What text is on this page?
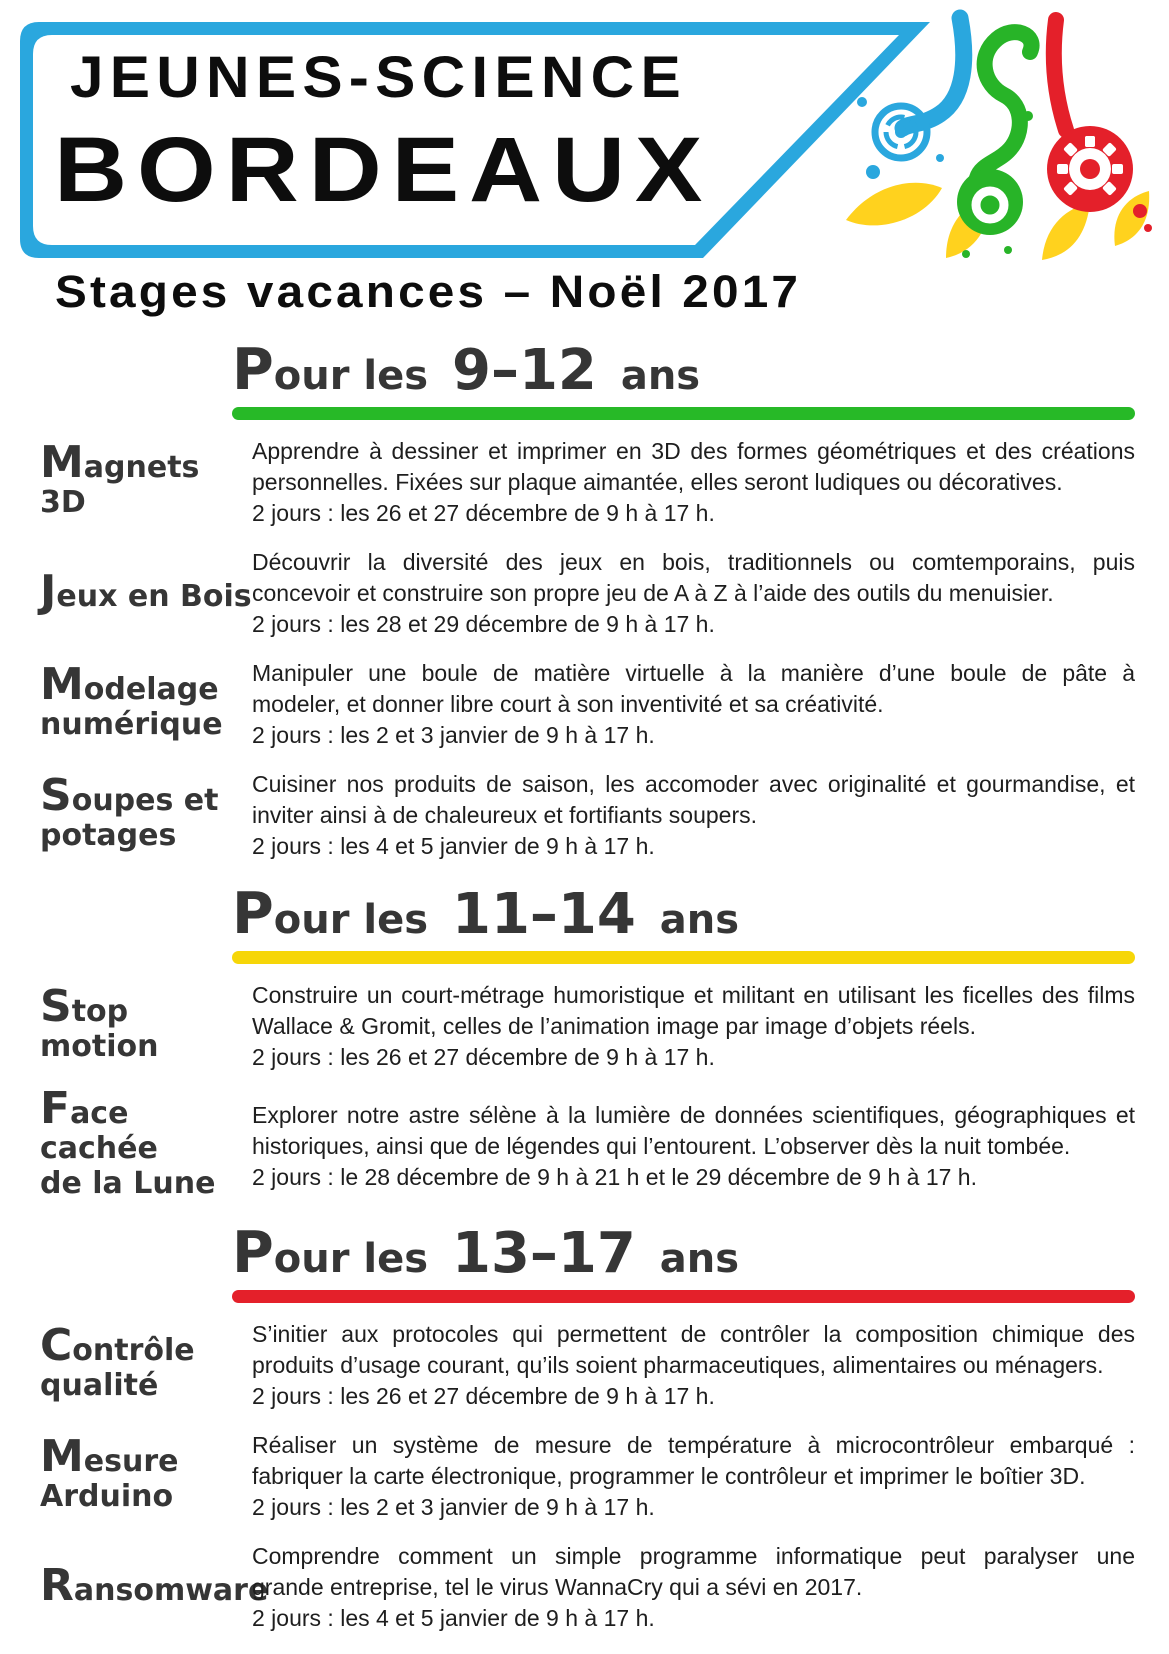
JEUNES-SCIENCE
BORDEAUX
Stages vacances – Noël 2017
Pour les 9–12 ans
Magnets 3D
Apprendre à dessiner et imprimer en 3D des formes géométriques et des créations
personnelles. Fixées sur plaque aimantée, elles seront ludiques ou décoratives.
2 jours : les 26 et 27 décembre de 9 h à 17 h.
Jeux en Bois
Découvrir la diversité des jeux en bois, traditionnels ou comtemporains, puis
concevoir et construire son propre jeu de A à Z à l’aide des outils du menuisier.
2 jours : les 28 et 29 décembre de 9 h à 17 h.
Modelage
numérique
Manipuler une boule de matière virtuelle à la manière d’une boule de pâte à
modeler, et donner libre court à son inventivité et sa créativité.
2 jours : les 2 et 3 janvier de 9 h à 17 h.
Soupes et
potages
Cuisiner nos produits de saison, les accomoder avec originalité et gourmandise, et
inviter ainsi à de chaleureux et fortifiants soupers.
2 jours : les 4 et 5 janvier de 9 h à 17 h.
Pour les 11–14 ans
Stop motion
Construire un court-métrage humoristique et militant en utilisant les ficelles des films
Wallace & Gromit, celles de l’animation image par image d’objets réels.
2 jours : les 26 et 27 décembre de 9 h à 17 h.
Face cachée
de la Lune
Explorer notre astre sélène à la lumière de données scientifiques, géographiques et
historiques, ainsi que de légendes qui l’entourent. L’observer dès la nuit tombée.
2 jours : le 28 décembre de 9 h à 21 h et le 29 décembre de 9 h à 17 h.
Pour les 13–17 ans
Contrôle
qualité
S’initier aux protocoles qui permettent de contrôler la composition chimique des
produits d’usage courant, qu’ils soient pharmaceutiques, alimentaires ou ménagers.
2 jours : les 26 et 27 décembre de 9 h à 17 h.
Mesure
Arduino
Réaliser un système de mesure de température à microcontrôleur embarqué :
fabriquer la carte électronique, programmer le contrôleur et imprimer le boîtier 3D.
2 jours : les 2 et 3 janvier de 9 h à 17 h.
Ransomware
Comprendre comment un simple programme informatique peut paralyser une
grande entreprise, tel le virus WannaCry qui a sévi en 2017.
2 jours : les 4 et 5 janvier de 9 h à 17 h.
